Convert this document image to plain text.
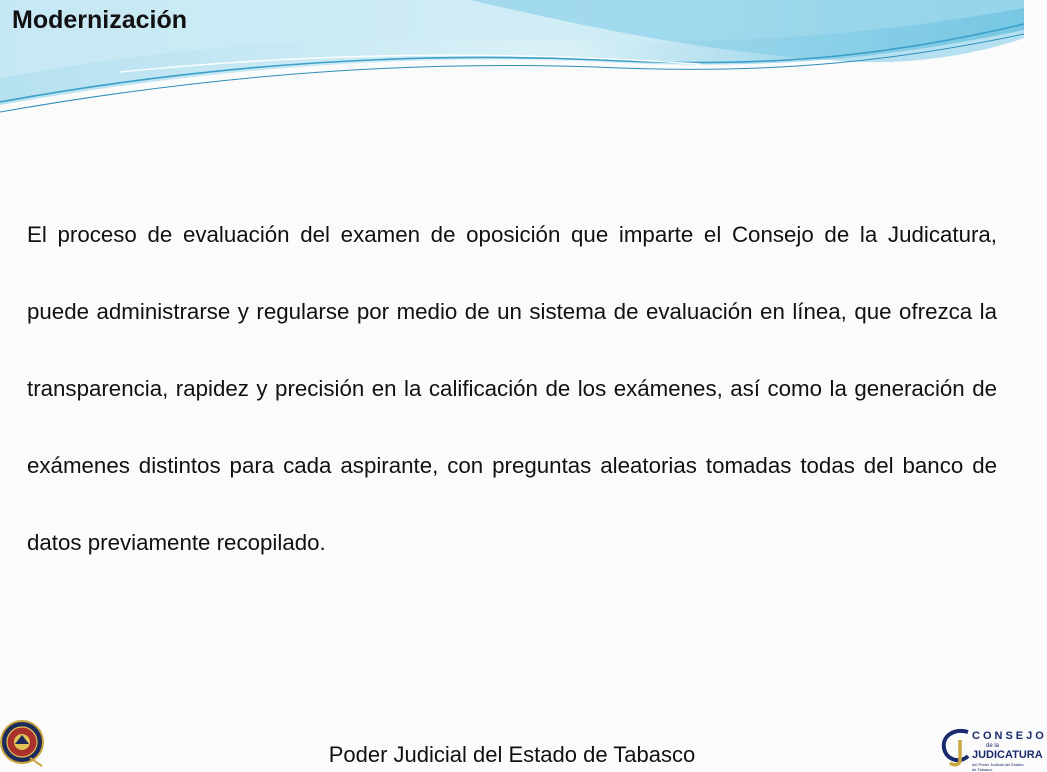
Modernización

El proceso de evaluación del examen de oposición que imparte el Consejo de la Judicatura, puede administrarse y regularse por medio de un sistema de evaluación en línea, que ofrezca la transparencia, rapidez y precisión en la calificación de los exámenes, así como la generación de exámenes distintos para cada aspirante, con preguntas aleatorias tomadas todas del banco de datos previamente recopilado.

Poder Judicial del Estado de Tabasco
CONSEJO
de la
JUDICATURA
del Poder Judicial del Estado de Tabasco
